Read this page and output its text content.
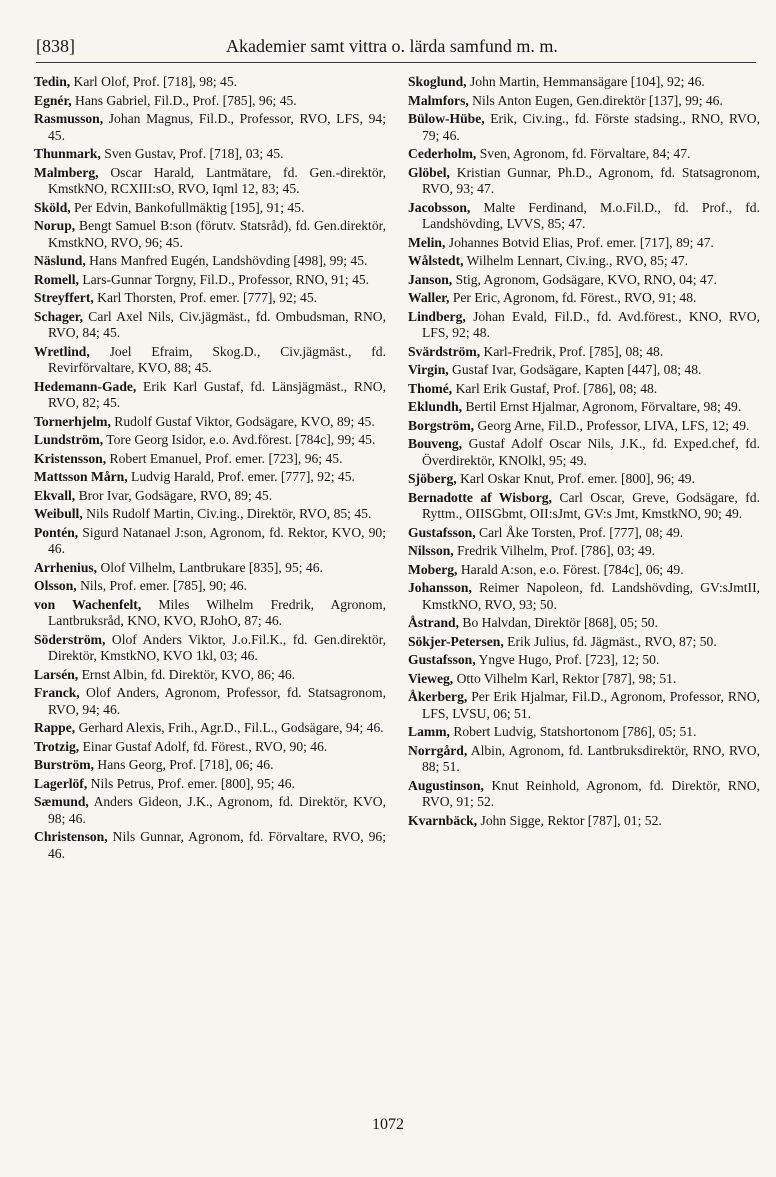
[838]	Akademier samt vittra o. lärda samfund m. m.

Tedin, Karl Olof, Prof. [718], 98; 45.

Egnér, Hans Gabriel, Fil.D., Prof. [785], 96; 45.

Rasmusson, Johan Magnus, Fil.D., Professor, RVO, LFS, 94; 45.

Thunmark, Sven Gustav, Prof. [718], 03; 45.

Malmberg, Oscar Harald, Lantmätare, fd. Gen.-direktör, KmstkNO, RCXIII:sO, RVO, Iqml 12, 83; 45.

Sköld, Per Edvin, Bankofullmäktig [195], 91; 45.

Norup, Bengt Samuel B:son (förutv. Statsråd), fd. Gen.direktör, KmstkNO, RVO, 96; 45.

Näslund, Hans Manfred Eugén, Landshövding [498], 99; 45.

Romell, Lars-Gunnar Torgny, Fil.D., Professor, RNO, 91; 45.

Streyffert, Karl Thorsten, Prof. emer. [777], 92; 45.

Schager, Carl Axel Nils, Civ.jägmäst., fd. Ombudsman, RNO, RVO, 84; 45.

Wretlind, Joel Efraim, Skog.D., Civ.jägmäst., fd. Revirförvaltare, KVO, 88; 45.

Hedemann-Gade, Erik Karl Gustaf, fd. Länsjägmäst., RNO, RVO, 82; 45.

Tornerhjelm, Rudolf Gustaf Viktor, Godsägare, KVO, 89; 45.

Lundström, Tore Georg Isidor, e.o. Avd.förest. [784c], 99; 45.

Kristensson, Robert Emanuel, Prof. emer. [723], 96; 45.

Mattsson Mårn, Ludvig Harald, Prof. emer. [777], 92; 45.

Ekvall, Bror Ivar, Godsägare, RVO, 89; 45.

Weibull, Nils Rudolf Martin, Civ.ing., Direktör, RVO, 85; 45.

Pontén, Sigurd Natanael J:son, Agronom, fd. Rektor, KVO, 90; 46.

Arrhenius, Olof Vilhelm, Lantbrukare [835], 95; 46.

Olsson, Nils, Prof. emer. [785], 90; 46.

von Wachenfelt, Miles Wilhelm Fredrik, Agronom, Lantbruksråd, KNO, KVO, RJohO, 87; 46.

Söderström, Olof Anders Viktor, J.o.Fil.K., fd. Gen.direktör, Direktör, KmstkNO, KVO 1kl, 03; 46.

Larsén, Ernst Albin, fd. Direktör, KVO, 86; 46.

Franck, Olof Anders, Agronom, Professor, fd. Statsagronom, RVO, 94; 46.

Rappe, Gerhard Alexis, Frih., Agr.D., Fil.L., Godsägare, 94; 46.

Trotzig, Einar Gustaf Adolf, fd. Förest., RVO, 90; 46.

Burström, Hans Georg, Prof. [718], 06; 46.

Lagerlöf, Nils Petrus, Prof. emer. [800], 95; 46.

Sæmund, Anders Gideon, J.K., Agronom, fd. Direktör, KVO, 98; 46.

Christenson, Nils Gunnar, Agronom, fd. Förvaltare, RVO, 96; 46.

Skoglund, John Martin, Hemmansägare [104], 92; 46.

Malmfors, Nils Anton Eugen, Gen.direktör [137], 99; 46.

Bülow-Hübe, Erik, Civ.ing., fd. Förste stadsing., RNO, RVO, 79; 46.

Cederholm, Sven, Agronom, fd. Förvaltare, 84; 47.

Glöbel, Kristian Gunnar, Ph.D., Agronom, fd. Statsagronom, RVO, 93; 47.

Jacobsson, Malte Ferdinand, M.o.Fil.D., fd. Prof., fd. Landshövding, LVVS, 85; 47.

Melin, Johannes Botvid Elias, Prof. emer. [717], 89; 47.

Wålstedt, Wilhelm Lennart, Civ.ing., RVO, 85; 47.

Janson, Stig, Agronom, Godsägare, KVO, RNO, 04; 47.

Waller, Per Eric, Agronom, fd. Förest., RVO, 91; 48.

Lindberg, Johan Evald, Fil.D., fd. Avd.förest., KNO, RVO, LFS, 92; 48.

Svärdström, Karl-Fredrik, Prof. [785], 08; 48.

Virgin, Gustaf Ivar, Godsägare, Kapten [447], 08; 48.

Thomé, Karl Erik Gustaf, Prof. [786], 08; 48.

Eklundh, Bertil Ernst Hjalmar, Agronom, Förvaltare, 98; 49.

Borgström, Georg Arne, Fil.D., Professor, LIVA, LFS, 12; 49.

Bouveng, Gustaf Adolf Oscar Nils, J.K., fd. Exped.chef, fd. Överdirektör, KNOlkl, 95; 49.

Sjöberg, Karl Oskar Knut, Prof. emer. [800], 96; 49.

Bernadotte af Wisborg, Carl Oscar, Greve, Godsägare, fd. Ryttm., OIISGbmt, OII:sJmt, GV:s Jmt, KmstkNO, 90; 49.

Gustafsson, Carl Åke Torsten, Prof. [777], 08; 49.

Nilsson, Fredrik Vilhelm, Prof. [786], 03; 49.

Moberg, Harald A:son, e.o. Förest. [784c], 06; 49.

Johansson, Reimer Napoleon, fd. Landshövding, GV:sJmtII, KmstkNO, RVO, 93; 50.

Åstrand, Bo Halvdan, Direktör [868], 05; 50.

Sökjer-Petersen, Erik Julius, fd. Jägmäst., RVO, 87; 50.

Gustafsson, Yngve Hugo, Prof. [723], 12; 50.

Vieweg, Otto Vilhelm Karl, Rektor [787], 98; 51.

Åkerberg, Per Erik Hjalmar, Fil.D., Agronom, Professor, RNO, LFS, LVSU, 06; 51.

Lamm, Robert Ludvig, Statshortonom [786], 05; 51.

Norrgård, Albin, Agronom, fd. Lantbruksdirektör, RNO, RVO, 88; 51.

Augustinson, Knut Reinhold, Agronom, fd. Direktör, RNO, RVO, 91; 52.

Kvarnbäck, John Sigge, Rektor [787], 01; 52.

1072
